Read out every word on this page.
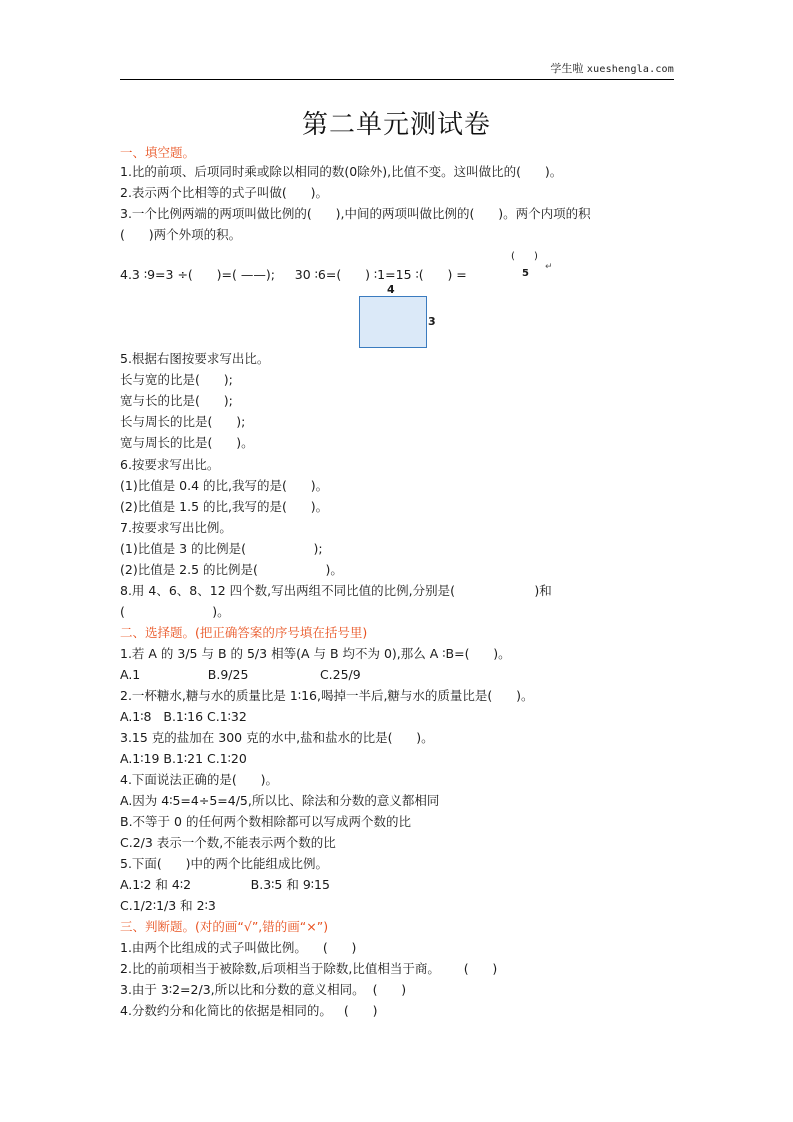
学生啦 xueshengla.com
第二单元测试卷
一、填空题。
1.比的前项、后项同时乘或除以相同的数(0除外),比值不变。这叫做比的(      )。
2.表示两个比相等的式子叫做(      )。
3.一个比例两端的两项叫做比例的(      ),中间的两项叫做比例的(      )。两个内项的积
(      )两个外项的积。
4.3 ∶9=3 ÷(      )=( ——);     30 ∶6=(      ) ∶1=15 ∶(      ) =
(      )
5
↵
4
3
5.根据右图按要求写出比。
长与宽的比是(      );
宽与长的比是(      );
长与周长的比是(      );
宽与周长的比是(      )。
6.按要求写出比。
(1)比值是 0.4 的比,我写的是(      )。
(2)比值是 1.5 的比,我写的是(      )。
7.按要求写出比例。
(1)比值是 3 的比例是(                 );
(2)比值是 2.5 的比例是(                 )。
8.用 4、6、8、12 四个数,写出两组不同比值的比例,分别是(                    )和
(                      )。
二、选择题。(把正确答案的序号填在括号里)
1.若 A 的 3/5 与 B 的 5/3 相等(A 与 B 均不为 0),那么 A ∶B=(      )。
A.1                 B.9/25                  C.25/9
2.一杯糖水,糖与水的质量比是 1∶16,喝掉一半后,糖与水的质量比是(      )。
A.1∶8   B.1∶16 C.1∶32
3.15 克的盐加在 300 克的水中,盐和盐水的比是(      )。
A.1∶19 B.1∶21 C.1∶20
4.下面说法正确的是(      )。
A.因为 4∶5=4÷5=4/5,所以比、除法和分数的意义都相同
B.不等于 0 的任何两个数相除都可以写成两个数的比
C.2/3 表示一个数,不能表示两个数的比
5.下面(      )中的两个比能组成比例。
A.1∶2 和 4∶2               B.3∶5 和 9∶15
C.1/2∶1/3 和 2∶3
三、判断题。(对的画“√”,错的画“×”)
1.由两个比组成的式子叫做比例。    (      )
2.比的前项相当于被除数,后项相当于除数,比值相当于商。      (      )
3.由于 3∶2=2/3,所以比和分数的意义相同。  (      )
4.分数约分和化简比的依据是相同的。   (      )
